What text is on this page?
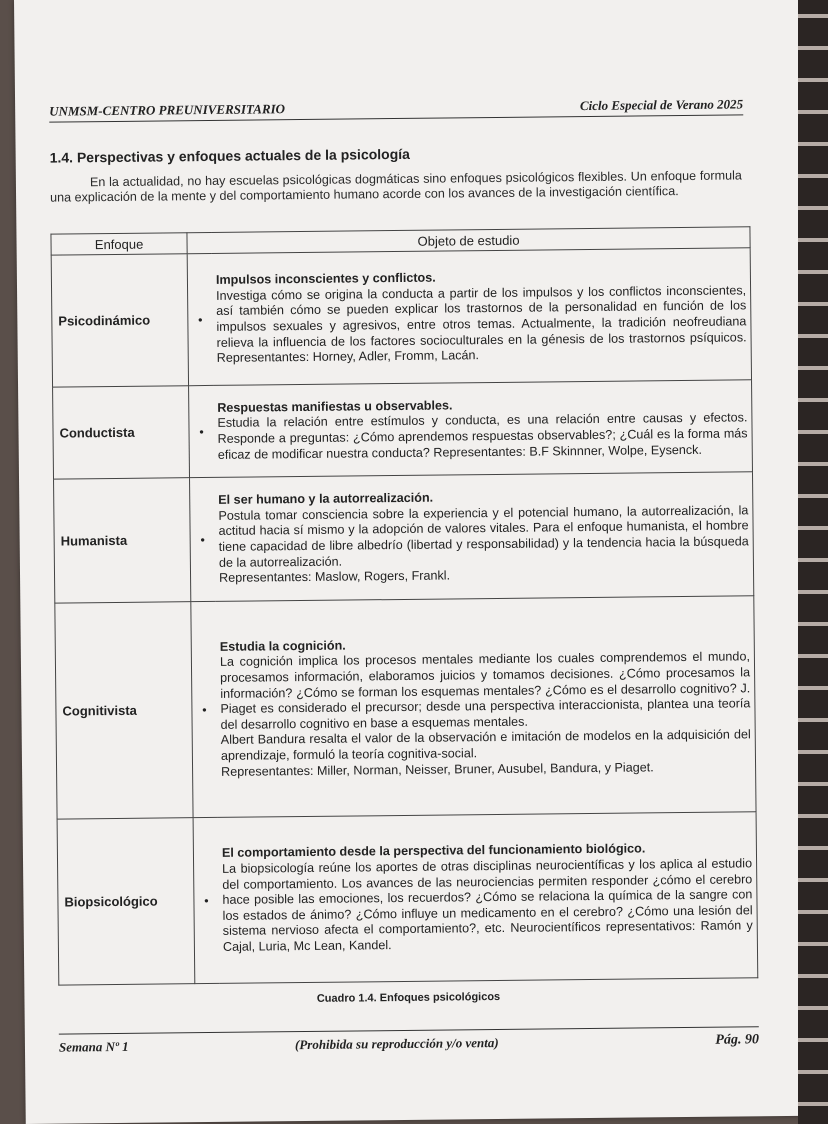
UNMSM-CENTRO PREUNIVERSITARIO	Ciclo Especial de Verano 2025
1.4. Perspectivas y enfoques actuales de la psicología
En la actualidad, no hay escuelas psicológicas dogmáticas sino enfoques psicológicos flexibles. Un enfoque formula una explicación de la mente y del comportamiento humano acorde con los avances de la investigación científica.
Enfoque	Objeto de estudio	
Psicodinámico	•	Impulsos inconscientes y conflictos.
Investiga cómo se origina la conducta a partir de los impulsos y los conflictos inconscientes, así también cómo se pueden explicar los trastornos de la personalidad en función de los impulsos sexuales y agresivos, entre otros temas. Actualmente, la tradición neofreudiana relieva la influencia de los factores socioculturales en la génesis de los trastornos psíquicos. Representantes: Horney, Adler, Fromm, Lacán.
Conductista	•	Respuestas manifiestas u observables.
Estudia la relación entre estímulos y conducta, es una relación entre causas y efectos. Responde a preguntas: ¿Cómo aprendemos respuestas observables?; ¿Cuál es la forma más eficaz de modificar nuestra conducta? Representantes: B.F Skinnner, Wolpe, Eysenck.
Humanista	•	El ser humano y la autorrealización.
Postula tomar consciencia sobre la experiencia y el potencial humano, la autorrealización, la actitud hacia sí mismo y la adopción de valores vitales. Para el enfoque humanista, el hombre tiene capacidad de libre albedrío (libertad y responsabilidad) y la tendencia hacia la búsqueda de la autorrealización.
Representantes: Maslow, Rogers, Frankl.
Cognitivista	•	Estudia la cognición.
La cognición implica los procesos mentales mediante los cuales comprendemos el mundo, procesamos información, elaboramos juicios y tomamos decisiones. ¿Cómo procesamos la información? ¿Cómo se forman los esquemas mentales? ¿Cómo es el desarrollo cognitivo? J. Piaget es considerado el precursor; desde una perspectiva interaccionista, plantea una teoría del desarrollo cognitivo en base a esquemas mentales.
Albert Bandura resalta el valor de la observación e imitación de modelos en la adquisición del aprendizaje, formuló la teoría cognitiva-social.
Representantes: Miller, Norman, Neisser, Bruner, Ausubel, Bandura, y Piaget.
Biopsicológico	•	El comportamiento desde la perspectiva del funcionamiento biológico.
La biopsicología reúne los aportes de otras disciplinas neurocientíficas y los aplica al estudio del comportamiento. Los avances de las neurociencias permiten responder ¿cómo el cerebro hace posible las emociones, los recuerdos? ¿Cómo se relaciona la química de la sangre con los estados de ánimo? ¿Cómo influye un medicamento en el cerebro? ¿Cómo una lesión del sistema nervioso afecta el comportamiento?, etc. Neurocientíficos representativos: Ramón y Cajal, Luria, Mc Lean, Kandel.
Cuadro 1.4. Enfoques psicológicos
Semana Nº 1	(Prohibida su reproducción y/o venta)	Pág. 90
